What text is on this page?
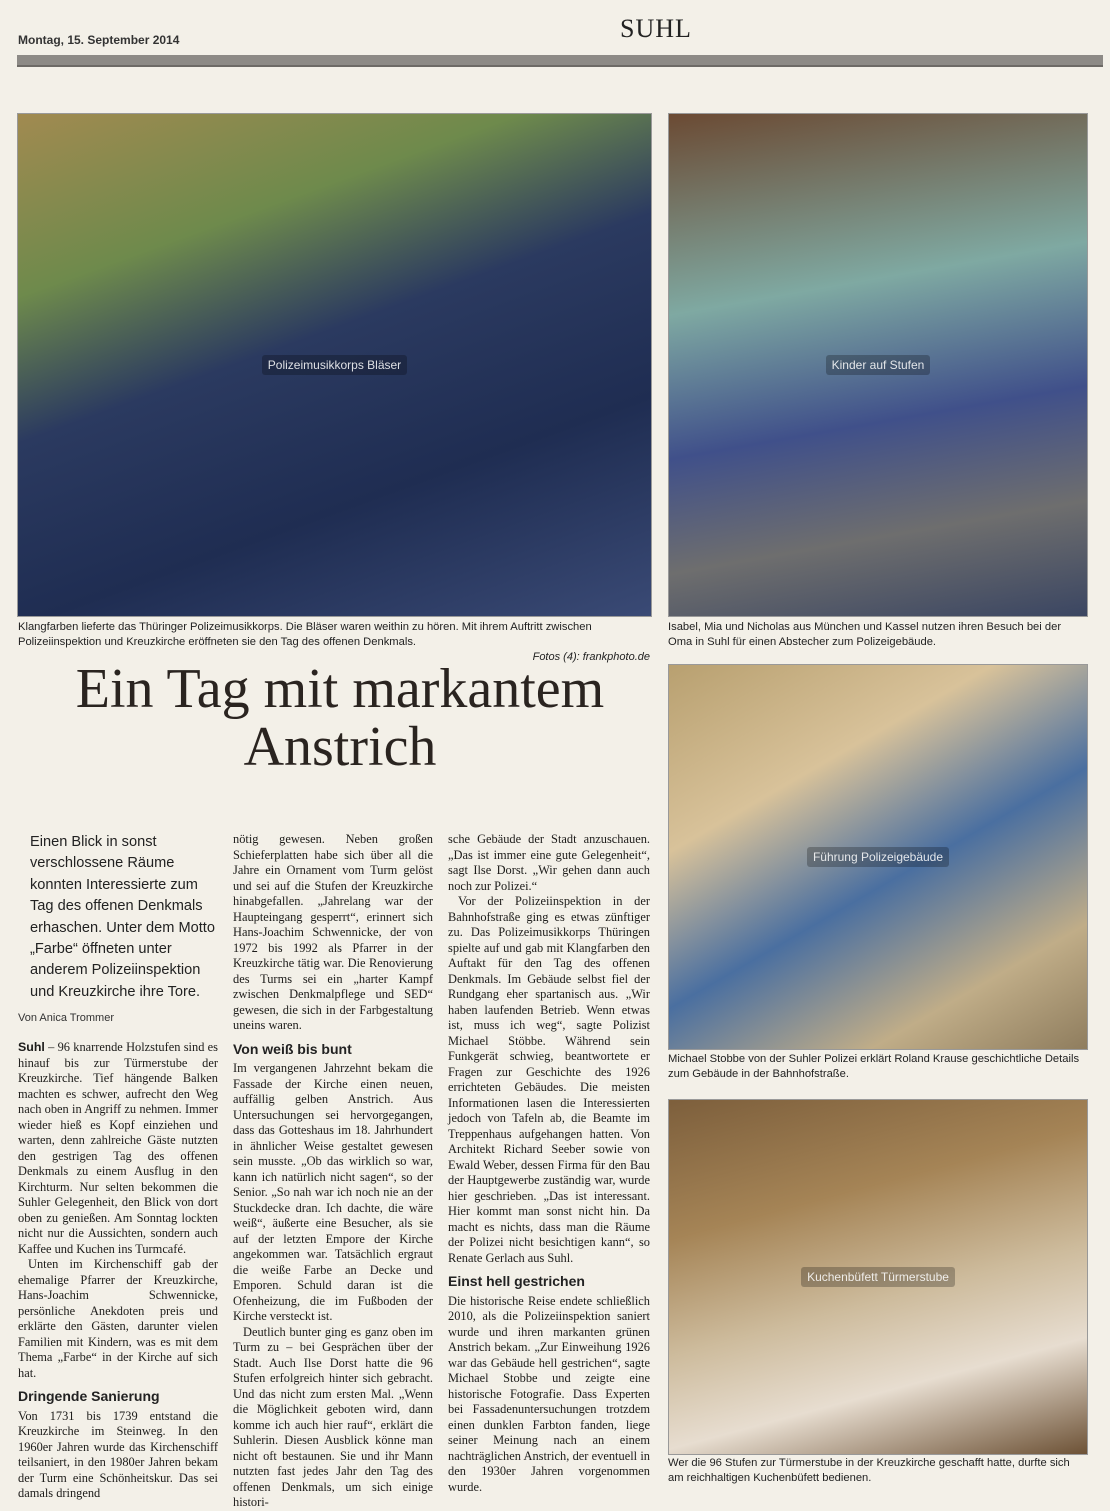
Montag, 15. September 2014	SUHL
Polizeimusikkorps Bläser	Kinder auf Stufen
Führung Polizeigebäude
Kuchenbüfett Türmerstube
Klangfarben lieferte das Thüringer Polizeimusikkorps. Die Bläser waren weithin zu hören. Mit ihrem Auftritt zwischen Polizeiinspektion und Kreuzkirche eröffneten sie den Tag des offenen Denkmals.
Fotos (4): frankphoto.de
Isabel, Mia und Nicholas aus München und Kassel nutzen ihren Besuch bei der Oma in Suhl für einen Abstecher zum Polizeigebäude.
Michael Stobbe von der Suhler Polizei erklärt Roland Krause geschichtliche Details zum Gebäude in der Bahnhofstraße.
Wer die 96 Stufen zur Türmerstube in der Kreuzkirche geschafft hatte, durfte sich am reichhaltigen Kuchenbüfett bedienen.
Ein Tag mit markantem Anstrich
Einen Blick in sonst verschlossene Räume konnten Interessierte zum Tag des offenen Denkmals erhaschen. Unter dem Motto „Farbe“ öffneten unter anderem Polizeiinspektion und Kreuzkirche ihre Tore.
Von Anica Trommer

Suhl – 96 knarrende Holzstufen sind es hinauf bis zur Türmerstube der Kreuzkirche. Tief hängende Balken machten es schwer, aufrecht den Weg nach oben in Angriff zu nehmen. Immer wieder hieß es Kopf einziehen und warten, denn zahlreiche Gäste nutzten den gestrigen Tag des offenen Denkmals zu einem Ausflug in den Kirchturm. Nur selten bekommen die Suhler Gelegenheit, den Blick von dort oben zu genießen. Am Sonntag lockten nicht nur die Aussichten, sondern auch Kaffee und Kuchen ins Turmcafé.

Unten im Kirchenschiff gab der ehemalige Pfarrer der Kreuzkirche, Hans-Joachim Schwennicke, persönliche Anekdoten preis und erklärte den Gästen, darunter vielen Familien mit Kindern, was es mit dem Thema „Farbe“ in der Kirche auf sich hat.

Dringende Sanierung

Von 1731 bis 1739 entstand die Kreuzkirche im Steinweg. In den 1960er Jahren wurde das Kirchenschiff teilsaniert, in den 1980er Jahren bekam der Turm eine Schönheitskur. Das sei damals dringend

nötig gewesen. Neben großen Schieferplatten habe sich über all die Jahre ein Ornament vom Turm gelöst und sei auf die Stufen der Kreuzkirche hinabgefallen. „Jahrelang war der Haupteingang gesperrt“, erinnert sich Hans-Joachim Schwennicke, der von 1972 bis 1992 als Pfarrer in der Kreuzkirche tätig war. Die Renovierung des Turms sei ein „harter Kampf zwischen Denkmalpflege und SED“ gewesen, die sich in der Farbgestaltung uneins waren.

Von weiß bis bunt

Im vergangenen Jahrzehnt bekam die Fassade der Kirche einen neuen, auffällig gelben Anstrich. Aus Untersuchungen sei hervorgegangen, dass das Gotteshaus im 18. Jahrhundert in ähnlicher Weise gestaltet gewesen sein musste. „Ob das wirklich so war, kann ich natürlich nicht sagen“, so der Senior. „So nah war ich noch nie an der Stuckdecke dran. Ich dachte, die wäre weiß“, äußerte eine Besucher, als sie auf der letzten Empore der Kirche angekommen war. Tatsächlich ergraut die weiße Farbe an Decke und Emporen. Schuld daran ist die Ofenheizung, die im Fußboden der Kirche versteckt ist.

Deutlich bunter ging es ganz oben im Turm zu – bei Gesprächen über der Stadt. Auch Ilse Dorst hatte die 96 Stufen erfolgreich hinter sich gebracht. Und das nicht zum ersten Mal. „Wenn die Möglichkeit geboten wird, dann komme ich auch hier rauf“, erklärt die Suhlerin. Diesen Ausblick könne man nicht oft bestaunen. Sie und ihr Mann nutzten fast jedes Jahr den Tag des offenen Denkmals, um sich einige histori-

sche Gebäude der Stadt anzuschauen. „Das ist immer eine gute Gelegenheit“, sagt Ilse Dorst. „Wir gehen dann auch noch zur Polizei.“

Vor der Polizeiinspektion in der Bahnhofstraße ging es etwas zünftiger zu. Das Polizeimusikkorps Thüringen spielte auf und gab mit Klangfarben den Auftakt für den Tag des offenen Denkmals. Im Gebäude selbst fiel der Rundgang eher spartanisch aus. „Wir haben laufenden Betrieb. Wenn etwas ist, muss ich weg“, sagte Polizist Michael Stöbbe. Während sein Funkgerät schwieg, beantwortete er Fragen zur Geschichte des 1926 errichteten Gebäudes. Die meisten Informationen lasen die Interessierten jedoch von Tafeln ab, die Beamte im Treppenhaus aufgehangen hatten. Von Architekt Richard Seeber sowie von Ewald Weber, dessen Firma für den Bau der Hauptgewerbe zuständig war, wurde hier geschrieben. „Das ist interessant. Hier kommt man sonst nicht hin. Da macht es nichts, dass man die Räume der Polizei nicht besichtigen kann“, so Renate Gerlach aus Suhl.

Einst hell gestrichen

Die historische Reise endete schließlich 2010, als die Polizeiinspektion saniert wurde und ihren markanten grünen Anstrich bekam. „Zur Einweihung 1926 war das Gebäude hell gestrichen“, sagte Michael Stobbe und zeigte eine historische Fotografie. Dass Experten bei Fassadenuntersuchungen trotzdem einen dunklen Farbton fanden, liege seiner Meinung nach an einem nachträglichen Anstrich, der eventuell in den 1930er Jahren vorgenommen wurde.
